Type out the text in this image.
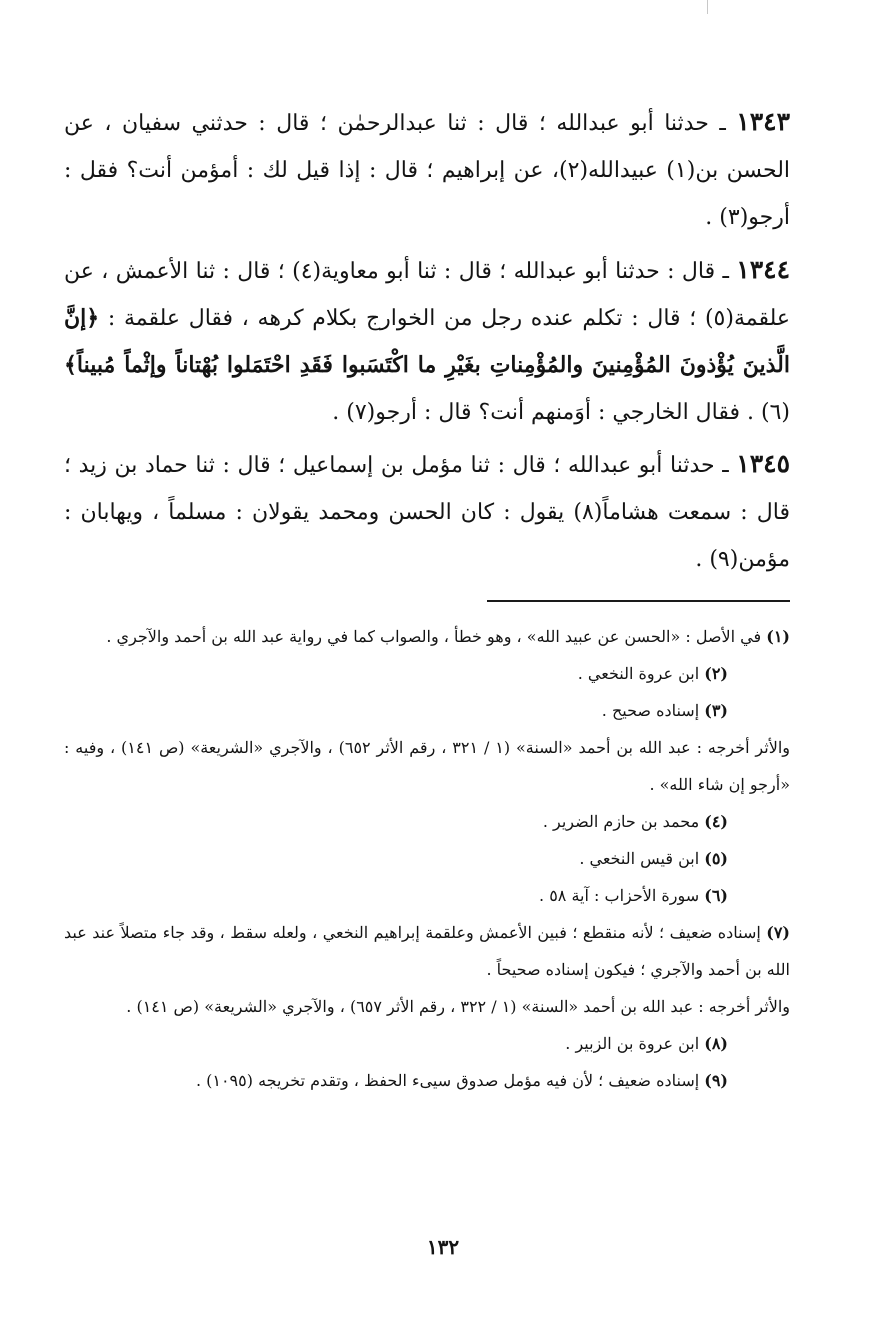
١٣٤٣ ـ حدثنا أبو عبدالله ؛ قال : ثنا عبدالرحمٰن ؛ قال : حدثني سفيان ، عن الحسن بن(١) عبيدالله(٢)، عن إبراهيم ؛ قال : إذا قيل لك : أمؤمن أنت؟ فقل : أرجو(٣) .

١٣٤٤ ـ قال : حدثنا أبو عبدالله ؛ قال : ثنا أبو معاوية(٤) ؛ قال : ثنا الأعمش ، عن علقمة(٥) ؛ قال : تكلم عنده رجل من الخوارج بكلام كرهه ، فقال علقمة : ﴿إنَّ الَّذينَ يُؤْذونَ المُؤْمِنينَ والمُؤْمِناتِ بغَيْرِ ما اكْتَسَبوا فَقَدِ احْتَمَلوا بُهْتاناً وإثْماً مُبيناً﴾(٦) . فقال الخارجي : أوَمنهم أنت؟ قال : أرجو(٧) .

١٣٤٥ ـ حدثنا أبو عبدالله ؛ قال : ثنا مؤمل بن إسماعيل ؛ قال : ثنا حماد بن زيد ؛ قال : سمعت هشاماً(٨) يقول : كان الحسن ومحمد يقولان : مسلماً ، ويهابان : مؤمن(٩) .

(١) في الأصل : «الحسن عن عبيد الله» ، وهو خطأ ، والصواب كما في رواية عبد الله بن أحمد والآجري .
(٢) ابن عروة النخعي .
(٣) إسناده صحيح .
والأثر أخرجه : عبد الله بن أحمد «السنة» (١ / ٣٢١ ، رقم الأثر ٦٥٢) ، والآجري «الشريعة» (ص ١٤١) ، وفيه : «أرجو إن شاء الله» .
(٤) محمد بن حازم الضرير .
(٥) ابن قيس النخعي .
(٦) سورة الأحزاب : آية ٥٨ .
(٧) إسناده ضعيف ؛ لأنه منقطع ؛ فبين الأعمش وعلقمة إبراهيم النخعي ، ولعله سقط ، وقد جاء متصلاً عند عبد الله بن أحمد والآجري ؛ فيكون إسناده صحيحاً .
والأثر أخرجه : عبد الله بن أحمد «السنة» (١ / ٣٢٢ ، رقم الأثر ٦٥٧) ، والآجري «الشريعة» (ص ١٤١) .
(٨) ابن عروة بن الزبير .
(٩) إسناده ضعيف ؛ لأن فيه مؤمل صدوق سيىء الحفظ ، وتقدم تخريجه (١٠٩٥) .
١٣٢
